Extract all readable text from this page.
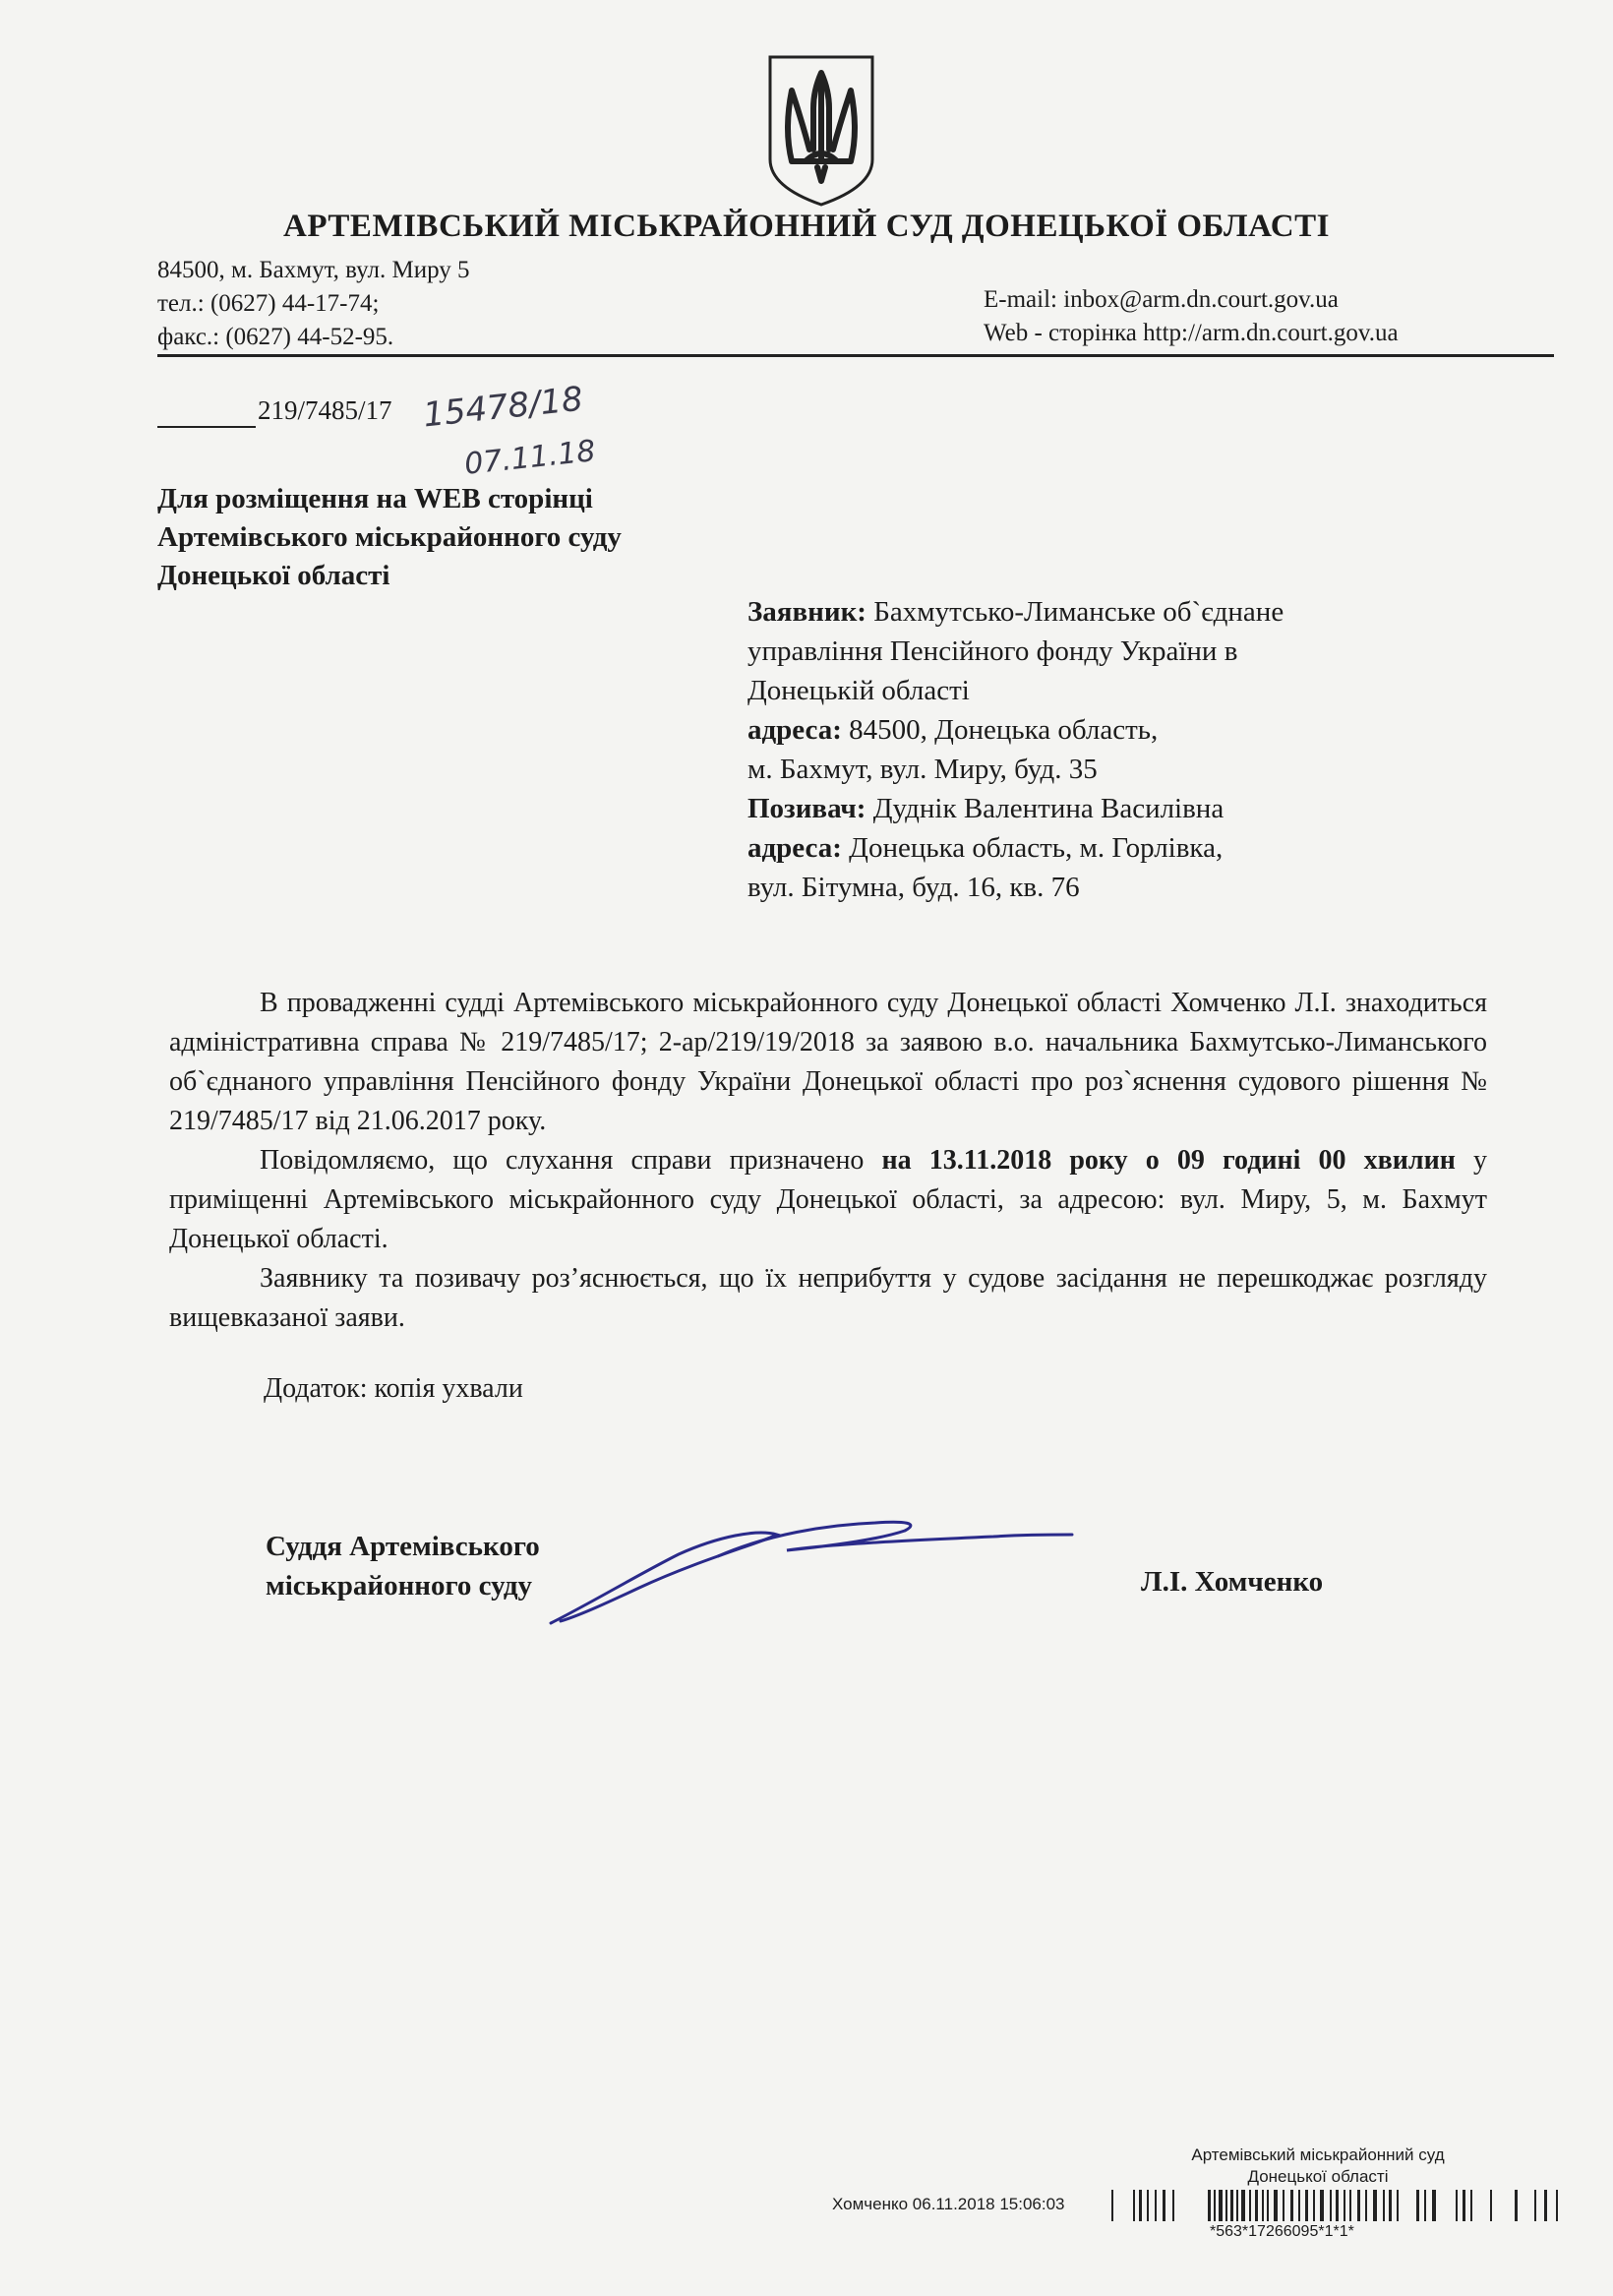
АРТЕМІВСЬКИЙ МІСЬКРАЙОННИЙ СУД ДОНЕЦЬКОЇ ОБЛАСТІ
84500, м. Бахмут, вул. Миру 5
тел.: (0627) 44-17-74;
факс.: (0627) 44-52-95.
E-mail: inbox@arm.dn.court.gov.ua
Web - сторінка http://arm.dn.court.gov.ua
219/7485/17 15478/18
07.11.18
Для розміщення на WEB сторінці
Артемівського міськрайонного суду
Донецької області
Заявник: Бахмутсько-Лиманське об`єднане
управління Пенсійного фонду України в
Донецькій області
адреса: 84500, Донецька область,
м. Бахмут, вул. Миру, буд. 35
Позивач: Дуднік Валентина Василівна
адреса: Донецька область, м. Горлівка,
вул. Бітумна, буд. 16, кв. 76

В провадженні судді Артемівського міськрайонного суду Донецької області Хомченко Л.І. знаходиться адміністративна справа № 219/7485/17; 2-ар/219/19/2018 за заявою в.о. начальника Бахмутсько-Лиманського об`єднаного управління Пенсійного фонду України Донецької області про роз`яснення судового рішення № 219/7485/17 від 21.06.2017 року.

Повідомляємо, що слухання справи призначено на 13.11.2018 року о 09 годині 00 хвилин у приміщенні Артемівського міськрайонного суду Донецької області, за адресою: вул. Миру, 5, м. Бахмут Донецької області.

Заявнику та позивачу роз’яснюється, що їх неприбуття у судове засідання не перешкоджає розгляду вищевказаної заяви.

Додаток: копія ухвали
Суддя Артемівського
міськрайонного суду	Л.І. Хомченко
Артемівський міськрайонний суд
Донецької області
Хомченко 06.11.2018 15:06:03
*563*17266095*1*1*
